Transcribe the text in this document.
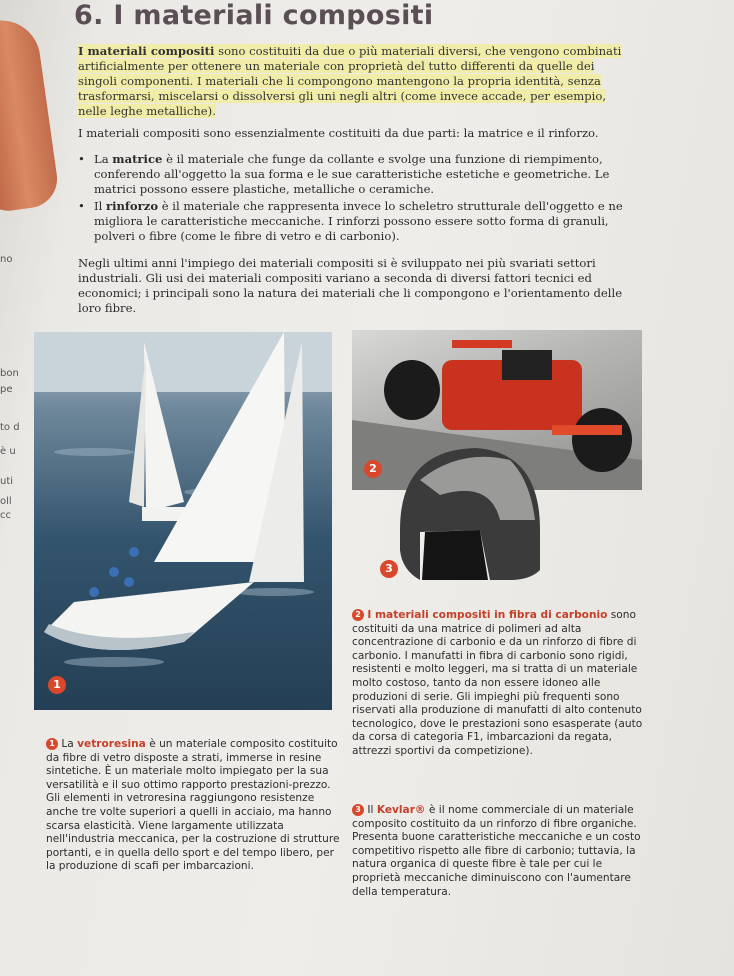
no
bon
pe
to d
è u
uti
oll
cc
6. I materiali compositi
I materiali compositi sono costituiti da due o più materiali diversi, che vengono combinati artificialmente per ottenere un materiale con proprietà del tutto differenti da quelle dei singoli componenti. I materiali che li compongono mantengono la propria identità, senza trasformarsi, miscelarsi o dissolversi gli uni negli altri (come invece accade, per esempio, nelle leghe metalliche).
I materiali compositi sono essenzialmente costituiti da due parti: la matrice e il rinforzo.
• La matrice è il materiale che funge da collante e svolge una funzione di riempimento, conferendo all'oggetto la sua forma e le sue caratteristiche estetiche e geometriche. Le matrici possono essere plastiche, metalliche o ceramiche.
• Il rinforzo è il materiale che rappresenta invece lo scheletro strutturale dell'oggetto e ne migliora le caratteristiche meccaniche. I rinforzi possono essere sotto forma di granuli, polveri o fibre (come le fibre di vetro e di carbonio).
Negli ultimi anni l'impiego dei materiali compositi si è sviluppato nei più svariati settori industriali. Gli usi dei materiali compositi variano a seconda di diversi fattori tecnici ed economici; i principali sono la natura dei materiali che li compongono e l'orientamento delle loro fibre.
1
2
3
2 I materiali compositi in fibra di carbonio sono costituiti da una matrice di polimeri ad alta concentrazione di carbonio e da un rinforzo di fibre di carbonio. I manufatti in fibra di carbonio sono rigidi, resistenti e molto leggeri, ma si tratta di un materiale molto costoso, tanto da non essere idoneo alle produzioni di serie. Gli impieghi più frequenti sono riservati alla produzione di manufatti di alto contenuto tecnologico, dove le prestazioni sono esasperate (auto da corsa di categoria F1, imbarcazioni da regata, attrezzi sportivi da competizione).
1 La vetroresina è un materiale composito costituito da fibre di vetro disposte a strati, immerse in resine sintetiche. È un materiale molto impiegato per la sua versatilità e il suo ottimo rapporto prestazioni-prezzo. Gli elementi in vetroresina raggiungono resistenze anche tre volte superiori a quelli in acciaio, ma hanno scarsa elasticità. Viene largamente utilizzata nell'industria meccanica, per la costruzione di strutture portanti, e in quella dello sport e del tempo libero, per la produzione di scafi per imbarcazioni.
3 Il Kevlar® è il nome commerciale di un materiale composito costituito da un rinforzo di fibre organiche. Presenta buone caratteristiche meccaniche e un costo competitivo rispetto alle fibre di carbonio; tuttavia, la natura organica di queste fibre è tale per cui le proprietà meccaniche diminuiscono con l'aumentare della temperatura.
